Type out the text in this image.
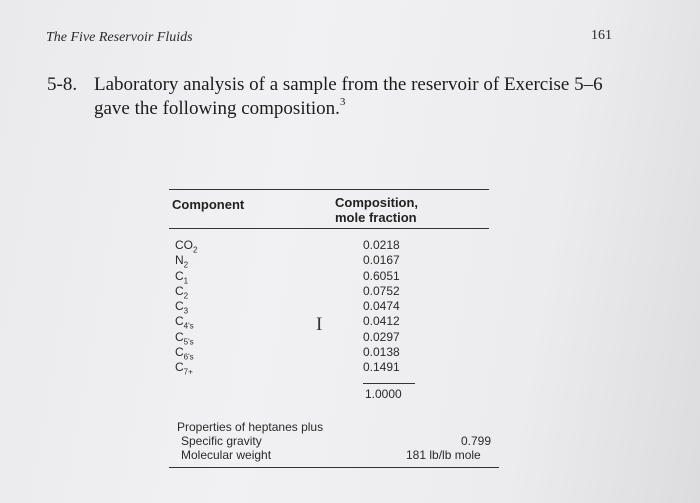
The Five Reservoir Fluids	161
5-8. Laboratory analysis of a sample from the reservoir of Exercise 5–6
gave the following composition.$^3$
Component	Composition,
mole fraction
$CO_2$
$N_2$
$C_1$
$C_2$
$C_3$
$C_{4's}$
$C_{5's}$
$C_{6's}$
$C_{7+}$
0.0218
0.0167
0.6051
0.0752
0.0474
0.0412
0.0297
0.0138
0.1491
1.0000
I
Properties of heptanes plus
Specific gravity
Molecular weight
0.799
181 lb/lb mole
